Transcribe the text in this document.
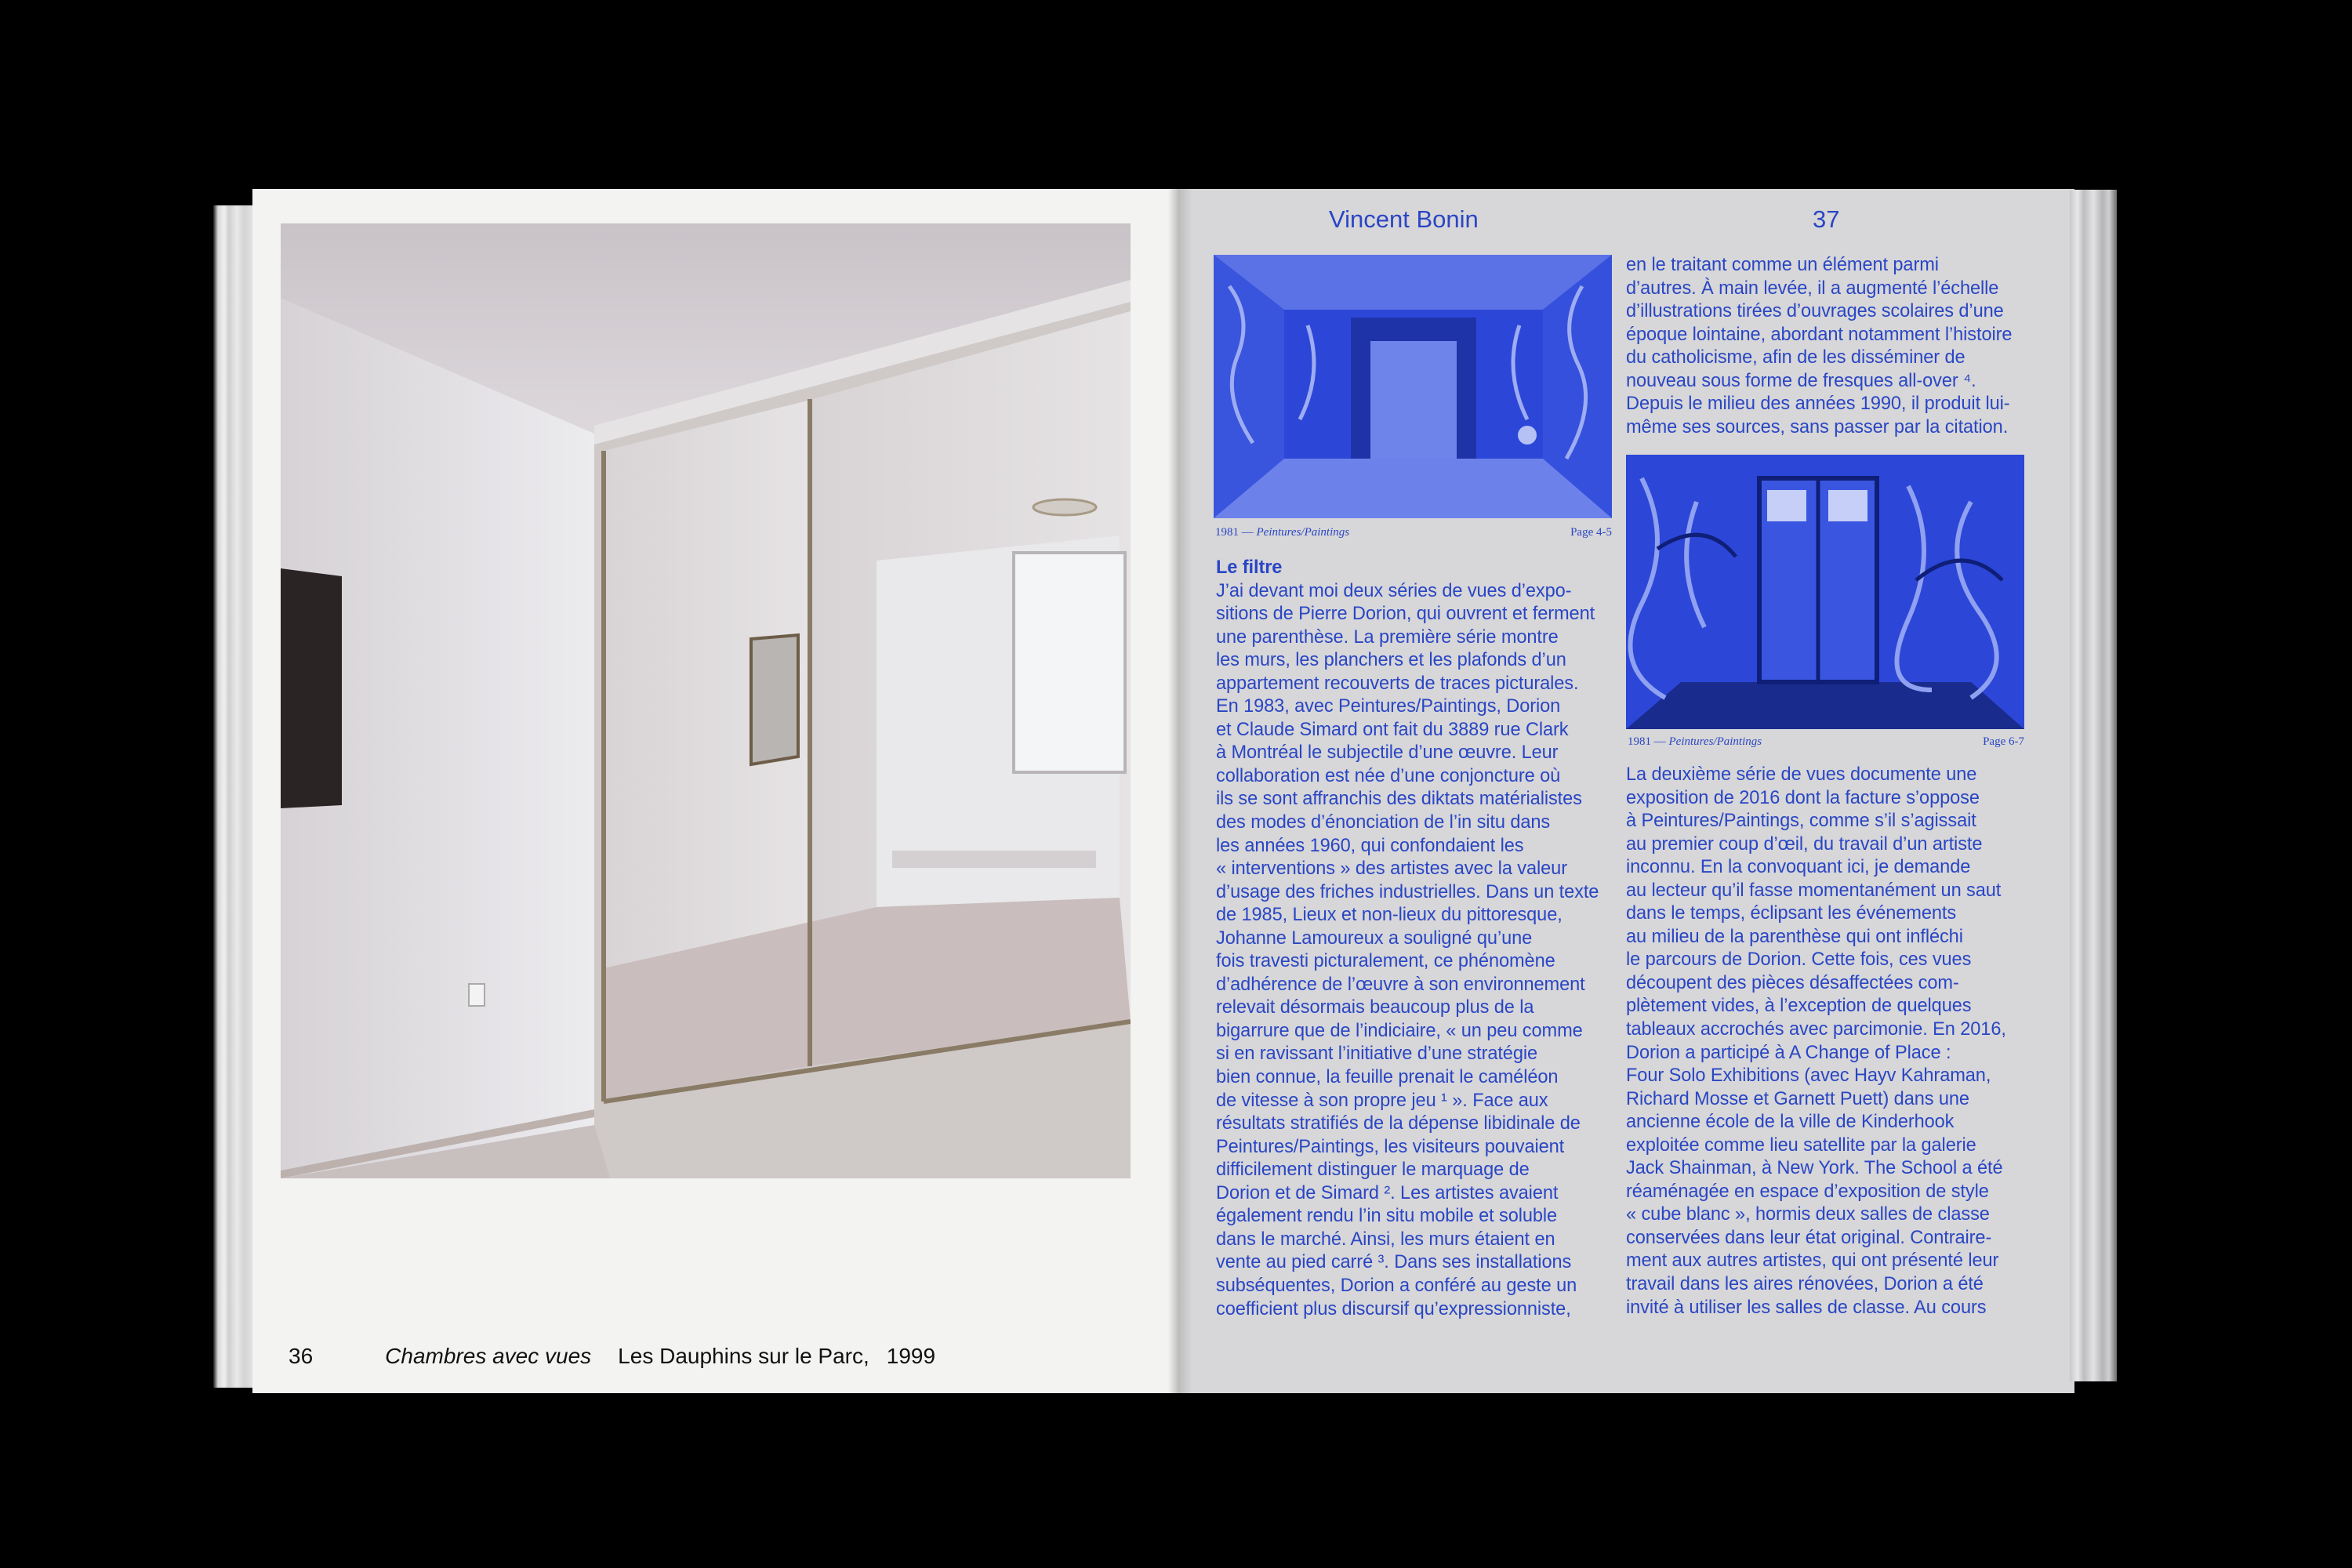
36	Chambres avec vues Les Dauphins sur le Parc, 1999
Vincent Bonin	37
1981 — Peintures/Paintings	Page 4-5
1981 — Peintures/Paintings	Page 6-7
Le filtre
J’ai devant moi deux séries de vues d’expo-
sitions de Pierre Dorion, qui ouvrent et ferment
une parenthèse. La première série montre
les murs, les planchers et les plafonds d’un
appartement recouverts de traces picturales.
En 1983, avec Peintures/Paintings, Dorion
et Claude Simard ont fait du 3889 rue Clark
à Montréal le subjectile d’une œuvre. Leur
collaboration est née d’une conjoncture où
ils se sont affranchis des diktats matérialistes
des modes d’énonciation de l’in situ dans
les années 1960, qui confondaient les
« interventions » des artistes avec la valeur
d’usage des friches industrielles. Dans un texte
de 1985, Lieux et non-lieux du pittoresque,
Johanne Lamoureux a souligné qu’une
fois travesti picturalement, ce phénomène
d’adhérence de l’œuvre à son environnement
relevait désormais beaucoup plus de la
bigarrure que de l’indiciaire, « un peu comme
si en ravissant l’initiative d’une stratégie
bien connue, la feuille prenait le caméléon
de vitesse à son propre jeu ¹ ». Face aux
résultats stratifiés de la dépense libidinale de
Peintures/Paintings, les visiteurs pouvaient
difficilement distinguer le marquage de
Dorion et de Simard ². Les artistes avaient
également rendu l’in situ mobile et soluble
dans le marché. Ainsi, les murs étaient en
vente au pied carré ³. Dans ses installations
subséquentes, Dorion a conféré au geste un
coefficient plus discursif qu’expressionniste,
en le traitant comme un élément parmi
d’autres. À main levée, il a augmenté l’échelle
d’illustrations tirées d’ouvrages scolaires d’une
époque lointaine, abordant notamment l’histoire
du catholicisme, afin de les disséminer de
nouveau sous forme de fresques all-over ⁴.
Depuis le milieu des années 1990, il produit lui-
même ses sources, sans passer par la citation.
La deuxième série de vues documente une
exposition de 2016 dont la facture s’oppose
à Peintures/Paintings, comme s’il s’agissait
au premier coup d’œil, du travail d’un artiste
inconnu. En la convoquant ici, je demande
au lecteur qu’il fasse momentanément un saut
dans le temps, éclipsant les événements
au milieu de la parenthèse qui ont infléchi
le parcours de Dorion. Cette fois, ces vues
découpent des pièces désaffectées com-
plètement vides, à l’exception de quelques
tableaux accrochés avec parcimonie. En 2016,
Dorion a participé à A Change of Place :
Four Solo Exhibitions (avec Hayv Kahraman,
Richard Mosse et Garnett Puett) dans une
ancienne école de la ville de Kinderhook
exploitée comme lieu satellite par la galerie
Jack Shainman, à New York. The School a été
réaménagée en espace d’exposition de style
« cube blanc », hormis deux salles de classe
conservées dans leur état original. Contraire-
ment aux autres artistes, qui ont présenté leur
travail dans les aires rénovées, Dorion a été
invité à utiliser les salles de classe. Au cours
